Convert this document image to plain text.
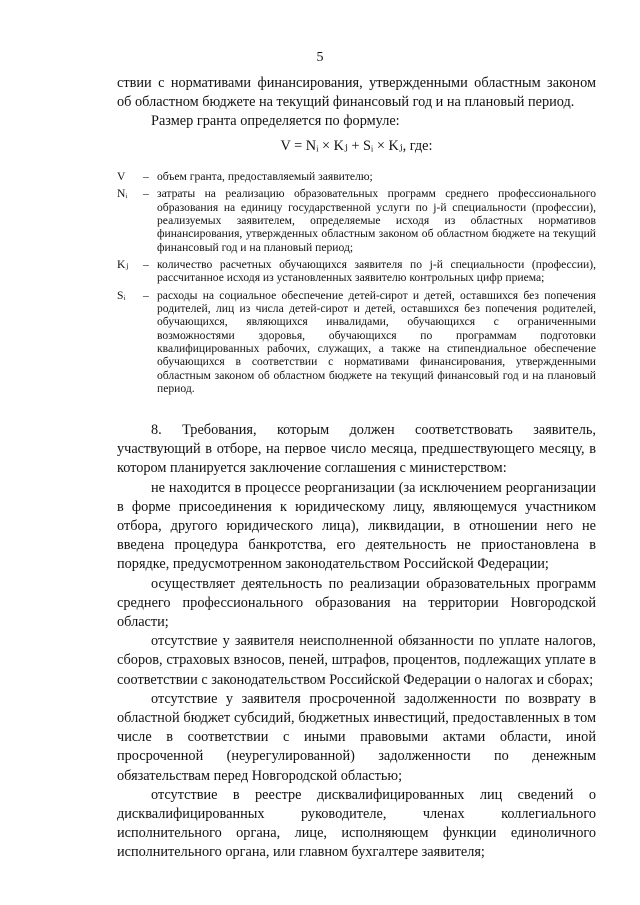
5

ствии с нормативами финансирования, утвержденными областным законом об областном бюджете на текущий финансовый год и на плановый период.

Размер гранта определяется по формуле:

V = Nᵢ × Kⱼ + Sᵢ × Kⱼ, где:

V	– объем гранта, предоставляемый заявителю;
Nᵢ	– затраты на реализацию образовательных программ среднего профессионального образования на единицу государственной услуги по j-й специальности (профессии), реализуемых заявителем, определяемые исходя из областных нормативов финансирования, утвержденных областным законом об областном бюджете на текущий финансовый год и на плановый период;
Kⱼ	– количество расчетных обучающихся заявителя по j-й специальности (профессии), рассчитанное исходя из установленных заявителю контрольных цифр приема;
Sᵢ	– расходы на социальное обеспечение детей-сирот и детей, оставшихся без попечения родителей, лиц из числа детей-сирот и детей, оставшихся без попечения родителей, обучающихся, являющихся инвалидами, обучающихся с ограниченными возможностями здоровья, обучающихся по программам подготовки квалифицированных рабочих, служащих, а также на стипендиальное обеспечение обучающихся в соответствии с нормативами финансирования, утвержденными областным законом об областном бюджете на текущий финансовый год и на плановый период.

8. Требования, которым должен соответствовать заявитель, участвующий в отборе, на первое число месяца, предшествующего месяцу, в котором планируется заключение соглашения с министерством:

не находится в процессе реорганизации (за исключением реорганизации в форме присоединения к юридическому лицу, являющемуся участником отбора, другого юридического лица), ликвидации, в отношении него не введена процедура банкротства, его деятельность не приостановлена в порядке, предусмотренном законодательством Российской Федерации;

осуществляет деятельность по реализации образовательных программ среднего профессионального образования на территории Новгородской области;

отсутствие у заявителя неисполненной обязанности по уплате налогов, сборов, страховых взносов, пеней, штрафов, процентов, подлежащих уплате в соответствии с законодательством Российской Федерации о налогах и сборах;

отсутствие у заявителя просроченной задолженности по возврату в областной бюджет субсидий, бюджетных инвестиций, предоставленных в том числе в соответствии с иными правовыми актами области, иной просроченной (неурегулированной) задолженности по денежным обязательствам перед Новгородской областью;

отсутствие в реестре дисквалифицированных лиц сведений о дисквалифицированных руководителе, членах коллегиального исполнительного органа, лице, исполняющем функции единоличного исполнительного органа, или главном бухгалтере заявителя;
